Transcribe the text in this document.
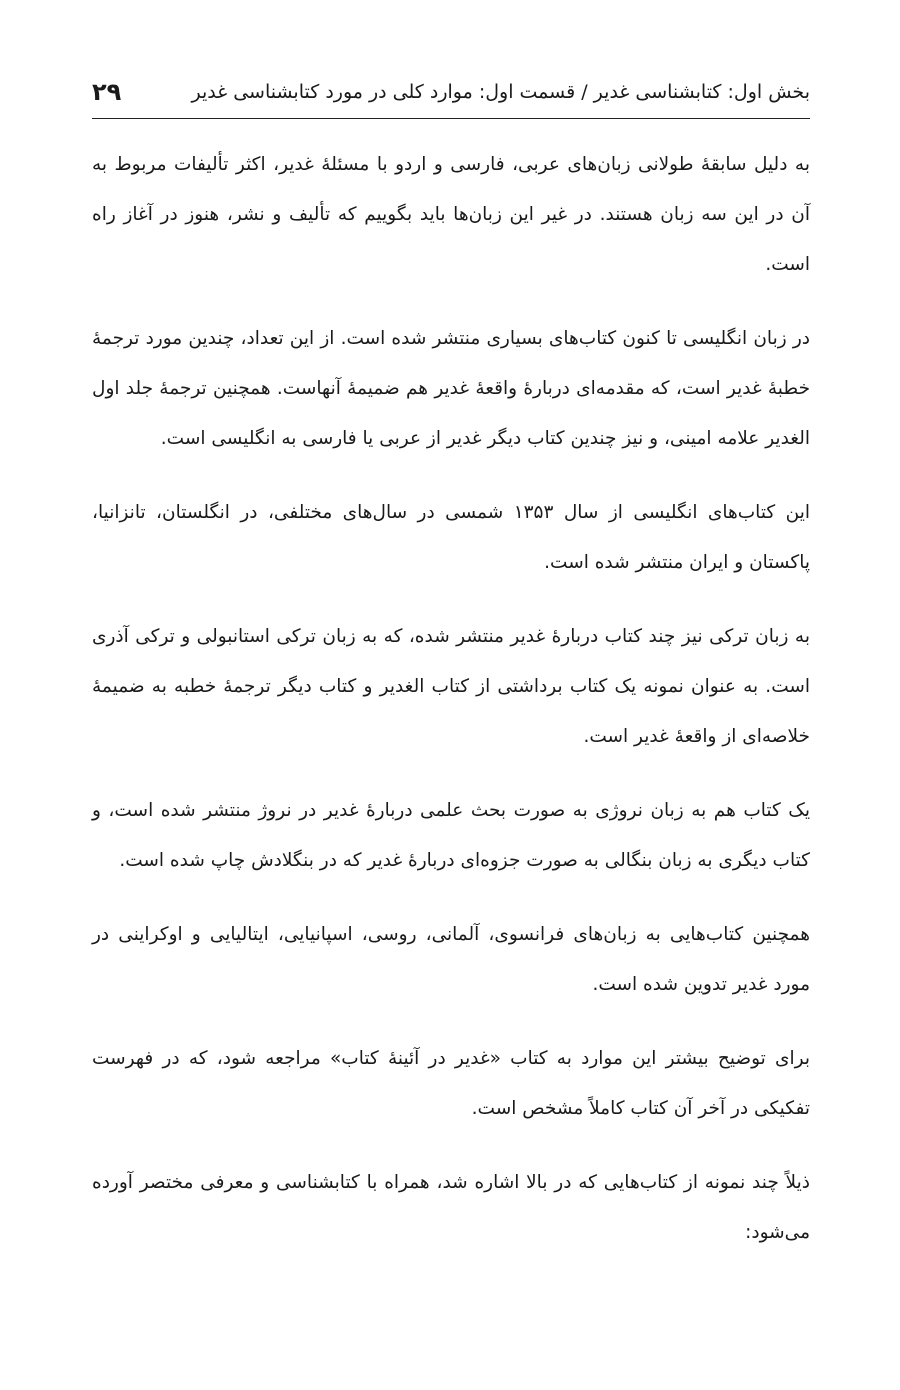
بخش اول: کتابشناسی غدیر / قسمت اول: موارد کلی در مورد کتابشناسی غدیر
۲۹

به دلیل سابقۀ طولانی زبان‌های عربی، فارسی و اردو با مسئلۀ غدیر، اکثر تألیفات مربوط به آن در این سه زبان هستند. در غیر این زبان‌ها باید بگوییم که تألیف و نشر، هنوز در آغاز راه است.

در زبان انگلیسی تا کنون کتاب‌های بسیاری منتشر شده است. از این تعداد، چندین مورد ترجمۀ خطبۀ غدیر است، که مقدمه‌ای دربارۀ واقعۀ غدیر هم ضمیمۀ آنهاست. همچنین ترجمۀ جلد اول الغدیر علامه امینی، و نیز چندین کتاب دیگر غدیر از عربی یا فارسی به انگلیسی است.

این کتاب‌های انگلیسی از سال ۱۳۵۳ شمسی در سال‌های مختلفی، در انگلستان، تانزانیا، پاکستان و ایران منتشر شده است.

به زبان ترکی نیز چند کتاب دربارۀ غدیر منتشر شده، که به زبان ترکی استانبولی و ترکی آذری است. به عنوان نمونه یک کتاب برداشتی از کتاب الغدیر و کتاب دیگر ترجمۀ خطبه به ضمیمۀ خلاصه‌ای از واقعۀ غدیر است.

یک کتاب هم به زبان نروژی به صورت بحث علمی دربارۀ غدیر در نروژ منتشر شده است، و کتاب دیگری به زبان بنگالی به صورت جزوه‌ای دربارۀ غدیر که در بنگلادش چاپ شده است.

همچنین کتاب‌هایی به زبان‌های فرانسوی، آلمانی، روسی، اسپانیایی، ایتالیایی و اوکراینی در مورد غدیر تدوین شده است.

برای توضیح بیشتر این موارد به کتاب «غدیر در آئینۀ کتاب» مراجعه شود، که در فهرست تفکیکی در آخر آن کتاب کاملاً مشخص است.

ذیلاً چند نمونه از کتاب‌هایی که در بالا اشاره شد، همراه با کتابشناسی و معرفی مختصر آورده می‌شود:
